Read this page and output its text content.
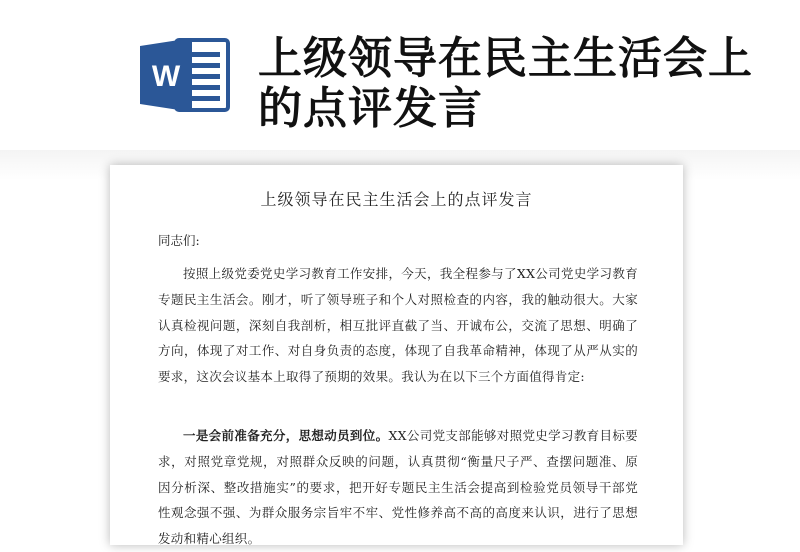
W 上级领导在民主生活会上的点评发言
上级领导在民主生活会上的点评发言
同志们:

按照上级党委党史学习教育工作安排，今天，我全程参与了XX公司党史学习教育专题民主生活会。刚才，听了领导班子和个人对照检查的内容，我的触动很大。大家认真检视问题，深刻自我剖析，相互批评直截了当、开诚布公，交流了思想、明确了方向，体现了对工作、对自身负责的态度，体现了自我革命精神，体现了从严从实的要求，这次会议基本上取得了预期的效果。我认为在以下三个方面值得肯定:

一是会前准备充分，思想动员到位。XX公司党支部能够对照党史学习教育目标要求，对照党章党规，对照群众反映的问题，认真贯彻“衡量尺子严、查摆问题准、原因分析深、整改措施实”的要求，把开好专题民主生活会提高到检验党员领导干部党性观念强不强、为群众服务宗旨牢不牢、党性修养高不高的高度来认识，进行了思想发动和精心组织。
